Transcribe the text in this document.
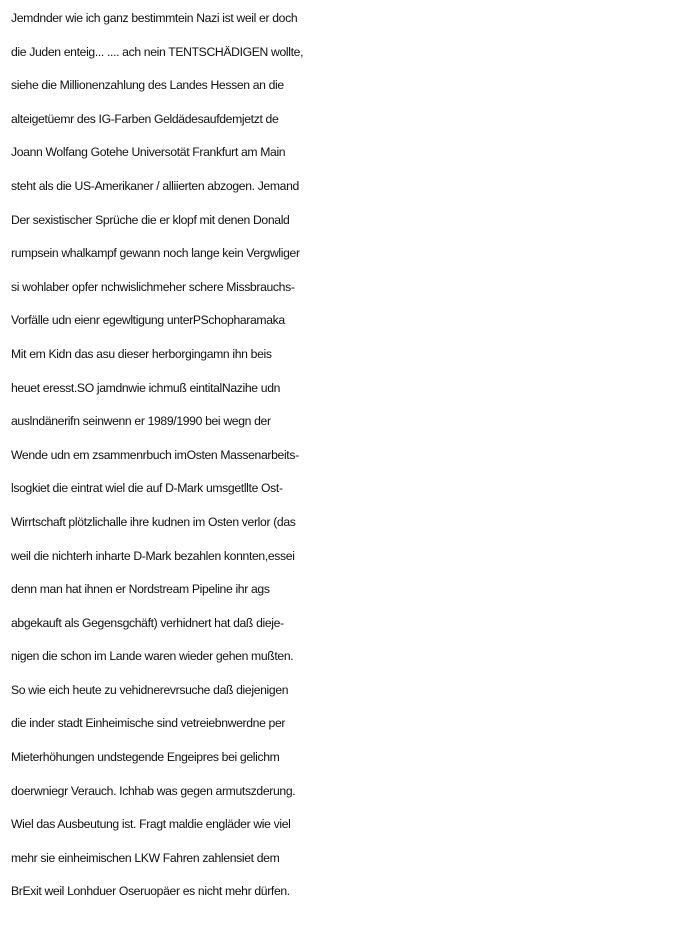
Jemdnder wie ich ganz bestimmtein Nazi ist weil er doch
die Juden enteig... .... ach nein TENTSCHÄDIGEN wollte,
siehe die Millionenzahlung des Landes Hessen an die
alteigetüemr des IG-Farben Geldädesaufdemjetzt de
Joann Wolfang Gotehe Universotät Frankfurt am Main
steht als die US-Amerikaner / alliierten abzogen. Jemand
Der sexistischer Sprüche die er klopf mit denen Donald
rumpsein whalkampf gewann noch lange kein Vergwliger
si wohlaber opfer nchwislichmeher schere Missbrauchs-
Vorfälle udn eienr egewltigung unterPSchopharamaka
Mit em Kidn das asu dieser herborgingamn ihn beis
heuet eresst.SO jamdnwie ichmuß eintitalNazihe udn
auslndänerifn seinwenn er 1989/1990 bei wegn der
Wende udn em zsammenrbuch imOsten Massenarbeits-
lsogkiet die eintrat wiel die auf D-Mark umsgetllte Ost-
Wirrtschaft plötzlichalle ihre kudnen im Osten verlor (das
weil die nichterh inharte D-Mark bezahlen konnten,essei
denn man hat ihnen er Nordstream Pipeline ihr ags
abgekauft als Gegensgchäft) verhidnert hat daß dieje-
nigen die schon im Lande waren wieder gehen mußten.
So wie eich heute zu vehidnerevrsuche daß diejenigen
die inder stadt Einheimische sind vetreiebnwerdne per
Mieterhöhungen undstegende Engeipres bei gelichm
doerwniegr Verauch. Ichhab was gegen armutszderung.
Wiel das Ausbeutung ist. Fragt maldie engläder wie viel
mehr sie einheimischen LKW Fahren zahlensiet dem
BrExit weil Lonhduer Oseruopäer es nicht mehr dürfen.
